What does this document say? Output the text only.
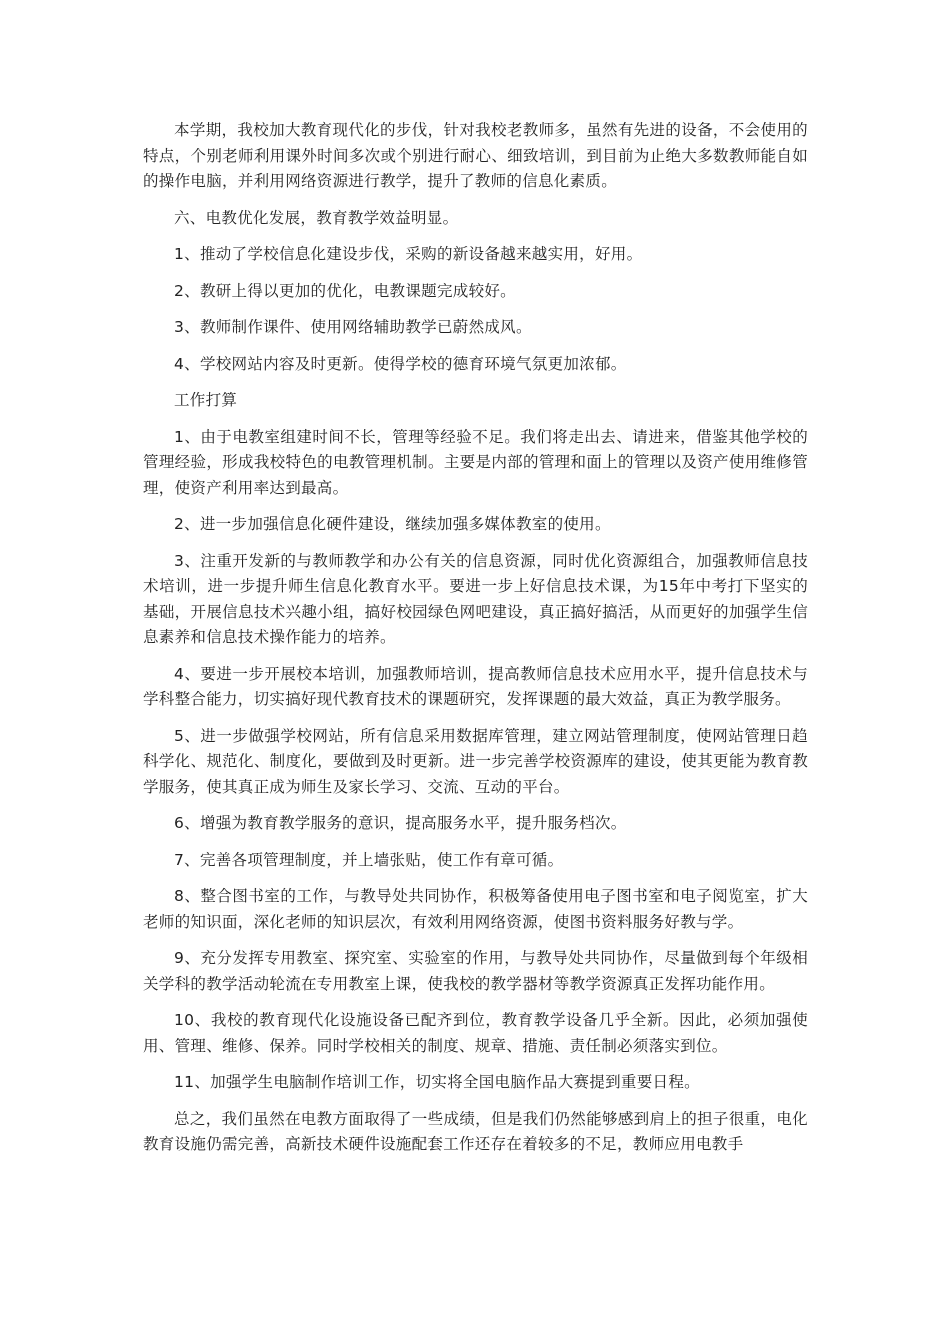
本学期，我校加大教育现代化的步伐，针对我校老教师多，虽然有先进的设备，不会使用的特点，个别老师利用课外时间多次或个别进行耐心、细致培训，到目前为止绝大多数教师能自如的操作电脑，并利用网络资源进行教学，提升了教师的信息化素质。

六、电教优化发展，教育教学效益明显。

1、推动了学校信息化建设步伐，采购的新设备越来越实用，好用。

2、教研上得以更加的优化，电教课题完成较好。

3、教师制作课件、使用网络辅助教学已蔚然成风。

4、学校网站内容及时更新。使得学校的德育环境气氛更加浓郁。

工作打算

1、由于电教室组建时间不长，管理等经验不足。我们将走出去、请进来，借鉴其他学校的管理经验，形成我校特色的电教管理机制。主要是内部的管理和面上的管理以及资产使用维修管理，使资产利用率达到最高。

2、进一步加强信息化硬件建设，继续加强多媒体教室的使用。

3、注重开发新的与教师教学和办公有关的信息资源，同时优化资源组合，加强教师信息技术培训，进一步提升师生信息化教育水平。要进一步上好信息技术课，为15年中考打下坚实的基础，开展信息技术兴趣小组，搞好校园绿色网吧建设，真正搞好搞活，从而更好的加强学生信息素养和信息技术操作能力的培养。

4、要进一步开展校本培训，加强教师培训，提高教师信息技术应用水平，提升信息技术与学科整合能力，切实搞好现代教育技术的课题研究，发挥课题的最大效益，真正为教学服务。

5、进一步做强学校网站，所有信息采用数据库管理，建立网站管理制度，使网站管理日趋科学化、规范化、制度化，要做到及时更新。进一步完善学校资源库的建设，使其更能为教育教学服务，使其真正成为师生及家长学习、交流、互动的平台。

6、增强为教育教学服务的意识，提高服务水平，提升服务档次。

7、完善各项管理制度，并上墙张贴，使工作有章可循。

8、整合图书室的工作，与教导处共同协作，积极筹备使用电子图书室和电子阅览室，扩大老师的知识面，深化老师的知识层次，有效利用网络资源，使图书资料服务好教与学。

9、充分发挥专用教室、探究室、实验室的作用，与教导处共同协作，尽量做到每个年级相关学科的教学活动轮流在专用教室上课，使我校的教学器材等教学资源真正发挥功能作用。

10、我校的教育现代化设施设备已配齐到位，教育教学设备几乎全新。因此，必须加强使用、管理、维修、保养。同时学校相关的制度、规章、措施、责任制必须落实到位。

11、加强学生电脑制作培训工作，切实将全国电脑作品大赛提到重要日程。

总之，我们虽然在电教方面取得了一些成绩，但是我们仍然能够感到肩上的担子很重，电化教育设施仍需完善，高新技术硬件设施配套工作还存在着较多的不足，教师应用电教手
